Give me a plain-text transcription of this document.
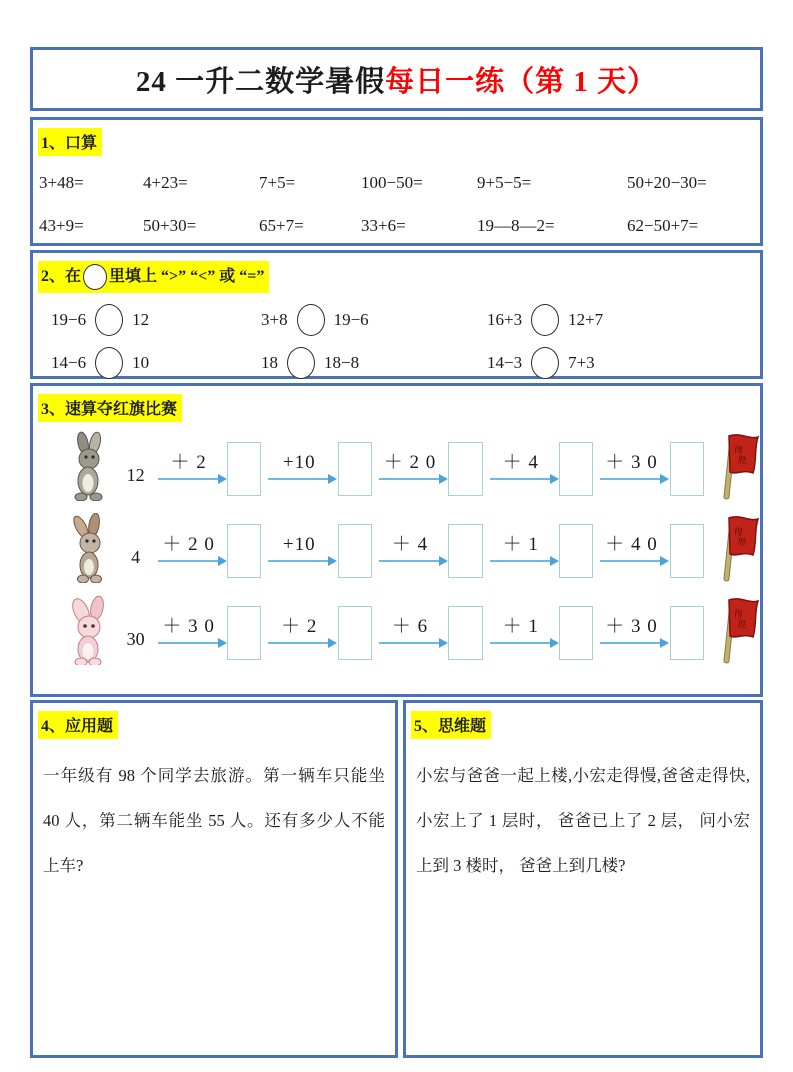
24 一升二数学暑假 每日一练（第 1 天）
1、口算
3+48=	4+23=	7+5=	100−50=	9+5−5=	50+20−30=
43+9=	50+30=	65+7=	33+6=	19—8—2=	62−50+7=
2、在 里填上 “>” “<” 或 “=”
19−6	12	3+8	19−6	16+3	12+7
14−6	10	18	18−8	14−3	7+3
3、速算夺红旗比赛
12
＋ 2	+10	＋ 2 0	＋ 4	＋ 3 0
得
胜
4
＋ 2 0	+10	＋ 4	＋ 1	＋ 4 0
得
胜
30
＋ 3 0	＋ 2	＋ 6	＋ 1	＋ 3 0
得
胜
4、应用题
一年级有 98 个同学去旅游。第一辆车只能坐 40 人，第二辆车能坐 55 人。还有多少人不能上车?
5、思维题
小宏与爸爸一起上楼,小宏走得慢,爸爸走得快,小宏上了 1 层时， 爸爸已上了 2 层， 问小宏上到 3 楼时， 爸爸上到几楼?
